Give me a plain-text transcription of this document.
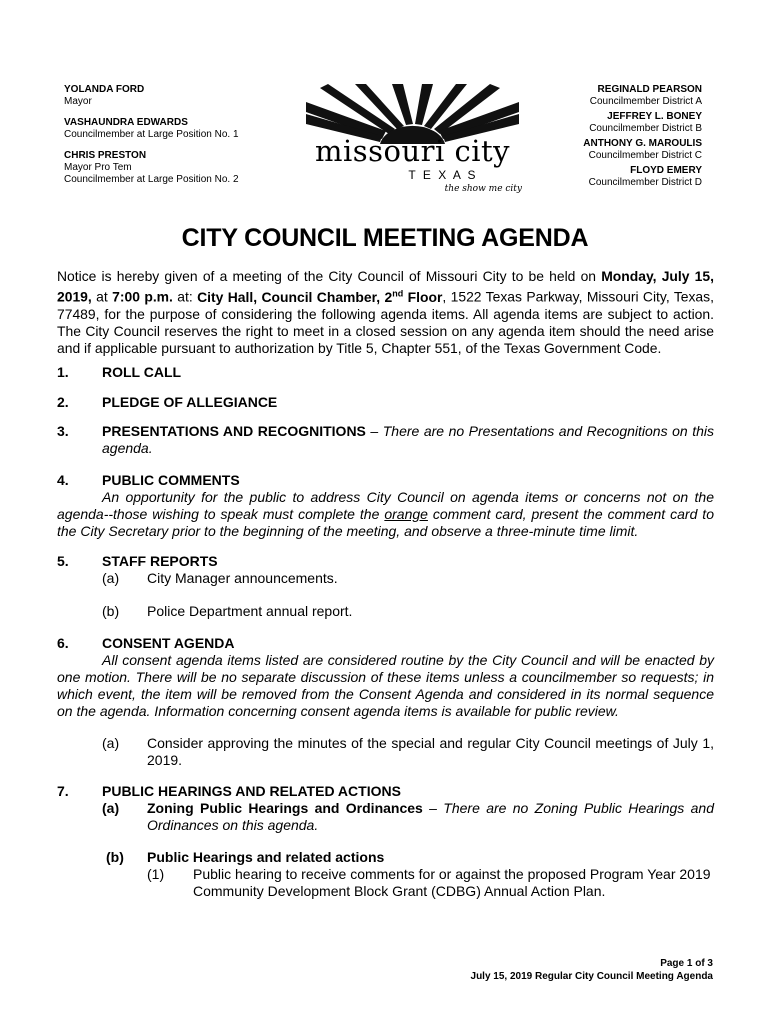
YOLANDA FORD
Mayor
VASHAUNDRA EDWARDS
Councilmember at Large Position No. 1
CHRIS PRESTON
Mayor Pro Tem
Councilmember at Large Position No. 2
REGINALD PEARSON
Councilmember District A
JEFFREY L. BONEY
Councilmember District B
ANTHONY G. MAROULIS
Councilmember District C
FLOYD EMERY
Councilmember District D
missouri city
T E X A S
the show me city
CITY COUNCIL MEETING AGENDA
Notice is hereby given of a meeting of the City Council of Missouri City to be held on Monday, July 15, 2019, at 7:00 p.m. at: City Hall, Council Chamber, 2nd Floor, 1522 Texas Parkway, Missouri City, Texas, 77489, for the purpose of considering the following agenda items. All agenda items are subject to action. The City Council reserves the right to meet in a closed session on any agenda item should the need arise and if applicable pursuant to authorization by Title 5, Chapter 551, of the Texas Government Code.
1. ROLL CALL
2. PLEDGE OF ALLEGIANCE
3. PRESENTATIONS AND RECOGNITIONS – There are no Presentations and Recognitions on this agenda.
4. PUBLIC COMMENTS
An opportunity for the public to address City Council on agenda items or concerns not on the agenda--those wishing to speak must complete the orange comment card, present the comment card to the City Secretary prior to the beginning of the meeting, and observe a three-minute time limit.
5. STAFF REPORTS
(a) City Manager announcements.
(b) Police Department annual report.
6. CONSENT AGENDA
All consent agenda items listed are considered routine by the City Council and will be enacted by one motion. There will be no separate discussion of these items unless a councilmember so requests; in which event, the item will be removed from the Consent Agenda and considered in its normal sequence on the agenda. Information concerning consent agenda items is available for public review.
(a) Consider approving the minutes of the special and regular City Council meetings of July 1, 2019.
7. PUBLIC HEARINGS AND RELATED ACTIONS
(a) Zoning Public Hearings and Ordinances – There are no Zoning Public Hearings and Ordinances on this agenda.
(b) Public Hearings and related actions
(1) Public hearing to receive comments for or against the proposed Program Year 2019 Community Development Block Grant (CDBG) Annual Action Plan.
Page 1 of 3
July 15, 2019 Regular City Council Meeting Agenda
